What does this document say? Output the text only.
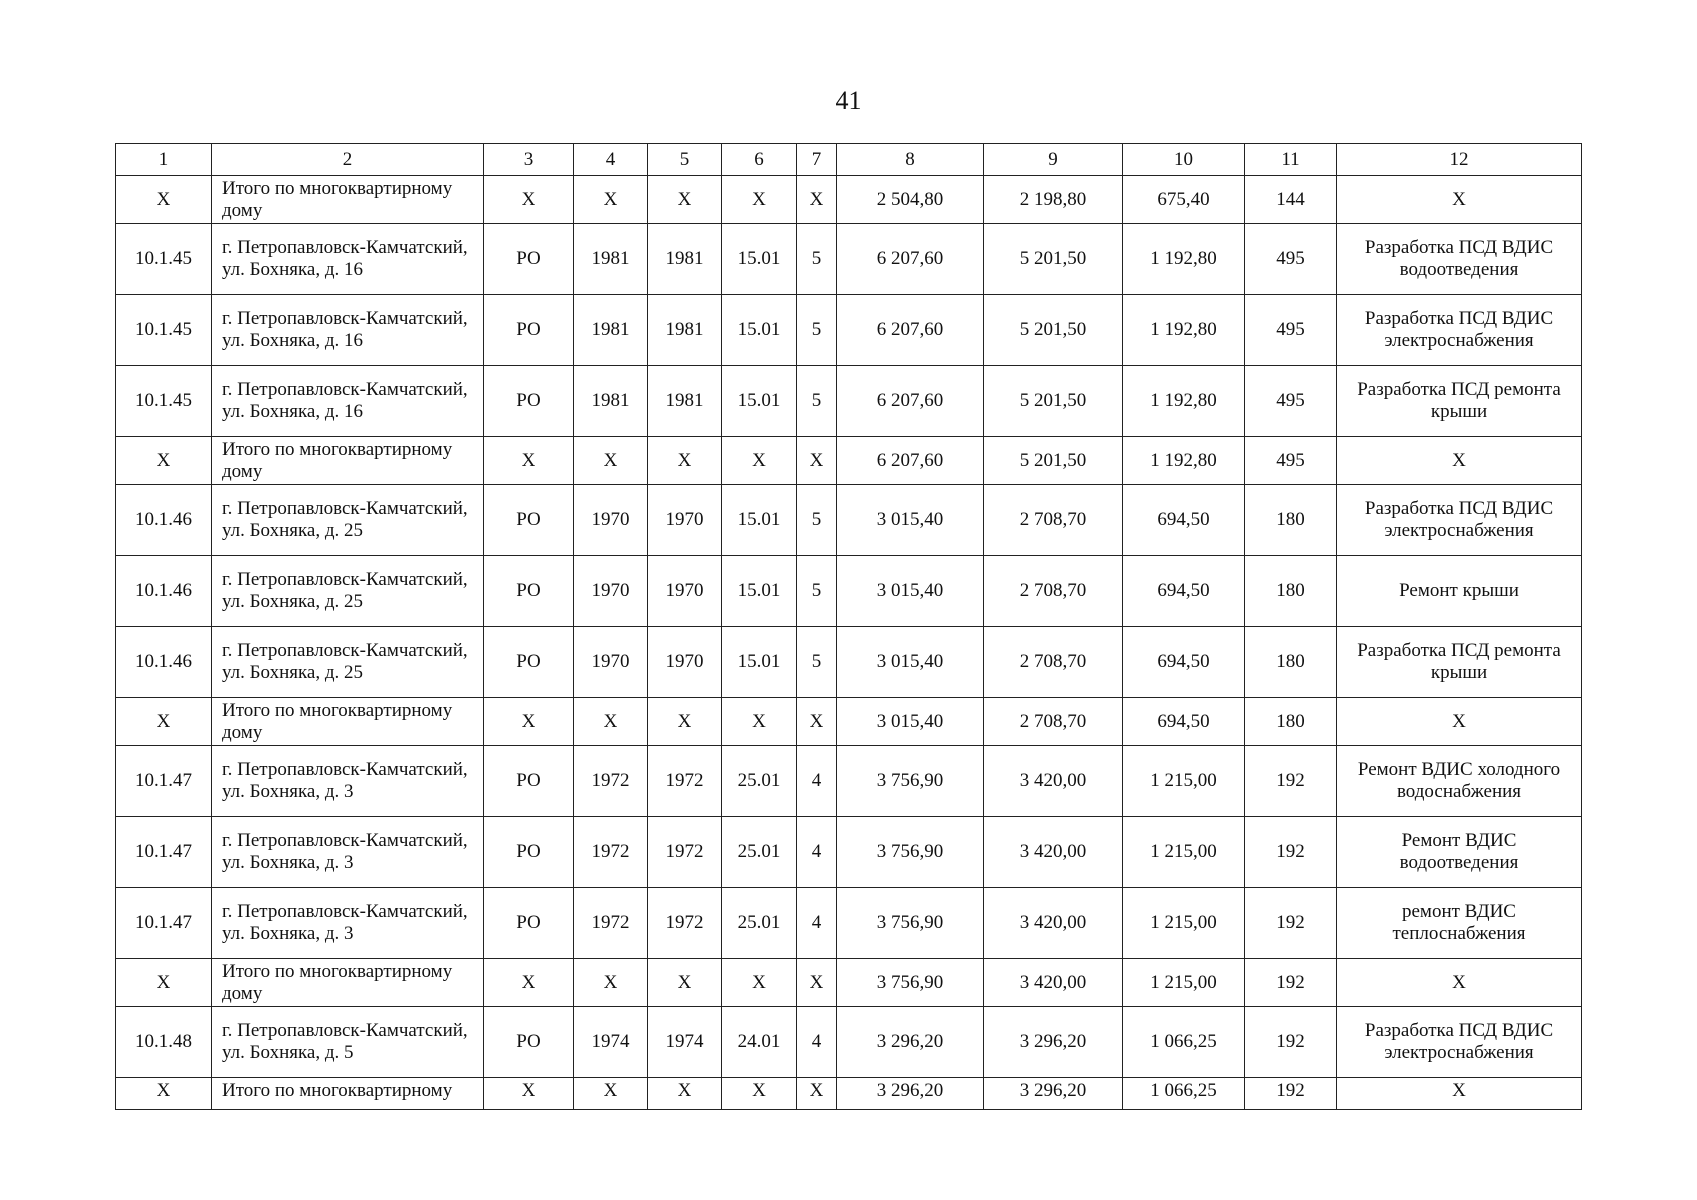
41
1	2	3	4	5	6	7	8	9	10	11	12
X	Итого по многоквартирному дому	X	X	X	X	X	2 504,80	2 198,80	675,40	144	X
10.1.45	г. Петропавловск-Камчатский, ул. Бохняка, д. 16	РО	1981	1981	15.01	5	6 207,60	5 201,50	1 192,80	495	Разработка ПСД ВДИС водоотведения
10.1.45	г. Петропавловск-Камчатский, ул. Бохняка, д. 16	РО	1981	1981	15.01	5	6 207,60	5 201,50	1 192,80	495	Разработка ПСД ВДИС электроснабжения
10.1.45	г. Петропавловск-Камчатский, ул. Бохняка, д. 16	РО	1981	1981	15.01	5	6 207,60	5 201,50	1 192,80	495	Разработка ПСД ремонта крыши
X	Итого по многоквартирному дому	X	X	X	X	X	6 207,60	5 201,50	1 192,80	495	X
10.1.46	г. Петропавловск-Камчатский, ул. Бохняка, д. 25	РО	1970	1970	15.01	5	3 015,40	2 708,70	694,50	180	Разработка ПСД ВДИС электроснабжения
10.1.46	г. Петропавловск-Камчатский, ул. Бохняка, д. 25	РО	1970	1970	15.01	5	3 015,40	2 708,70	694,50	180	Ремонт крыши
10.1.46	г. Петропавловск-Камчатский, ул. Бохняка, д. 25	РО	1970	1970	15.01	5	3 015,40	2 708,70	694,50	180	Разработка ПСД ремонта крыши
X	Итого по многоквартирному дому	X	X	X	X	X	3 015,40	2 708,70	694,50	180	X
10.1.47	г. Петропавловск-Камчатский, ул. Бохняка, д. 3	РО	1972	1972	25.01	4	3 756,90	3 420,00	1 215,00	192	Ремонт ВДИС холодного водоснабжения
10.1.47	г. Петропавловск-Камчатский, ул. Бохняка, д. 3	РО	1972	1972	25.01	4	3 756,90	3 420,00	1 215,00	192	Ремонт ВДИС водоотведения
10.1.47	г. Петропавловск-Камчатский, ул. Бохняка, д. 3	РО	1972	1972	25.01	4	3 756,90	3 420,00	1 215,00	192	ремонт ВДИС теплоснабжения
X	Итого по многоквартирному дому	X	X	X	X	X	3 756,90	3 420,00	1 215,00	192	X
10.1.48	г. Петропавловск-Камчатский, ул. Бохняка, д. 5	РО	1974	1974	24.01	4	3 296,20	3 296,20	1 066,25	192	Разработка ПСД ВДИС электроснабжения
X	Итого по многоквартирному	X	X	X	X	X	3 296,20	3 296,20	1 066,25	192	X
